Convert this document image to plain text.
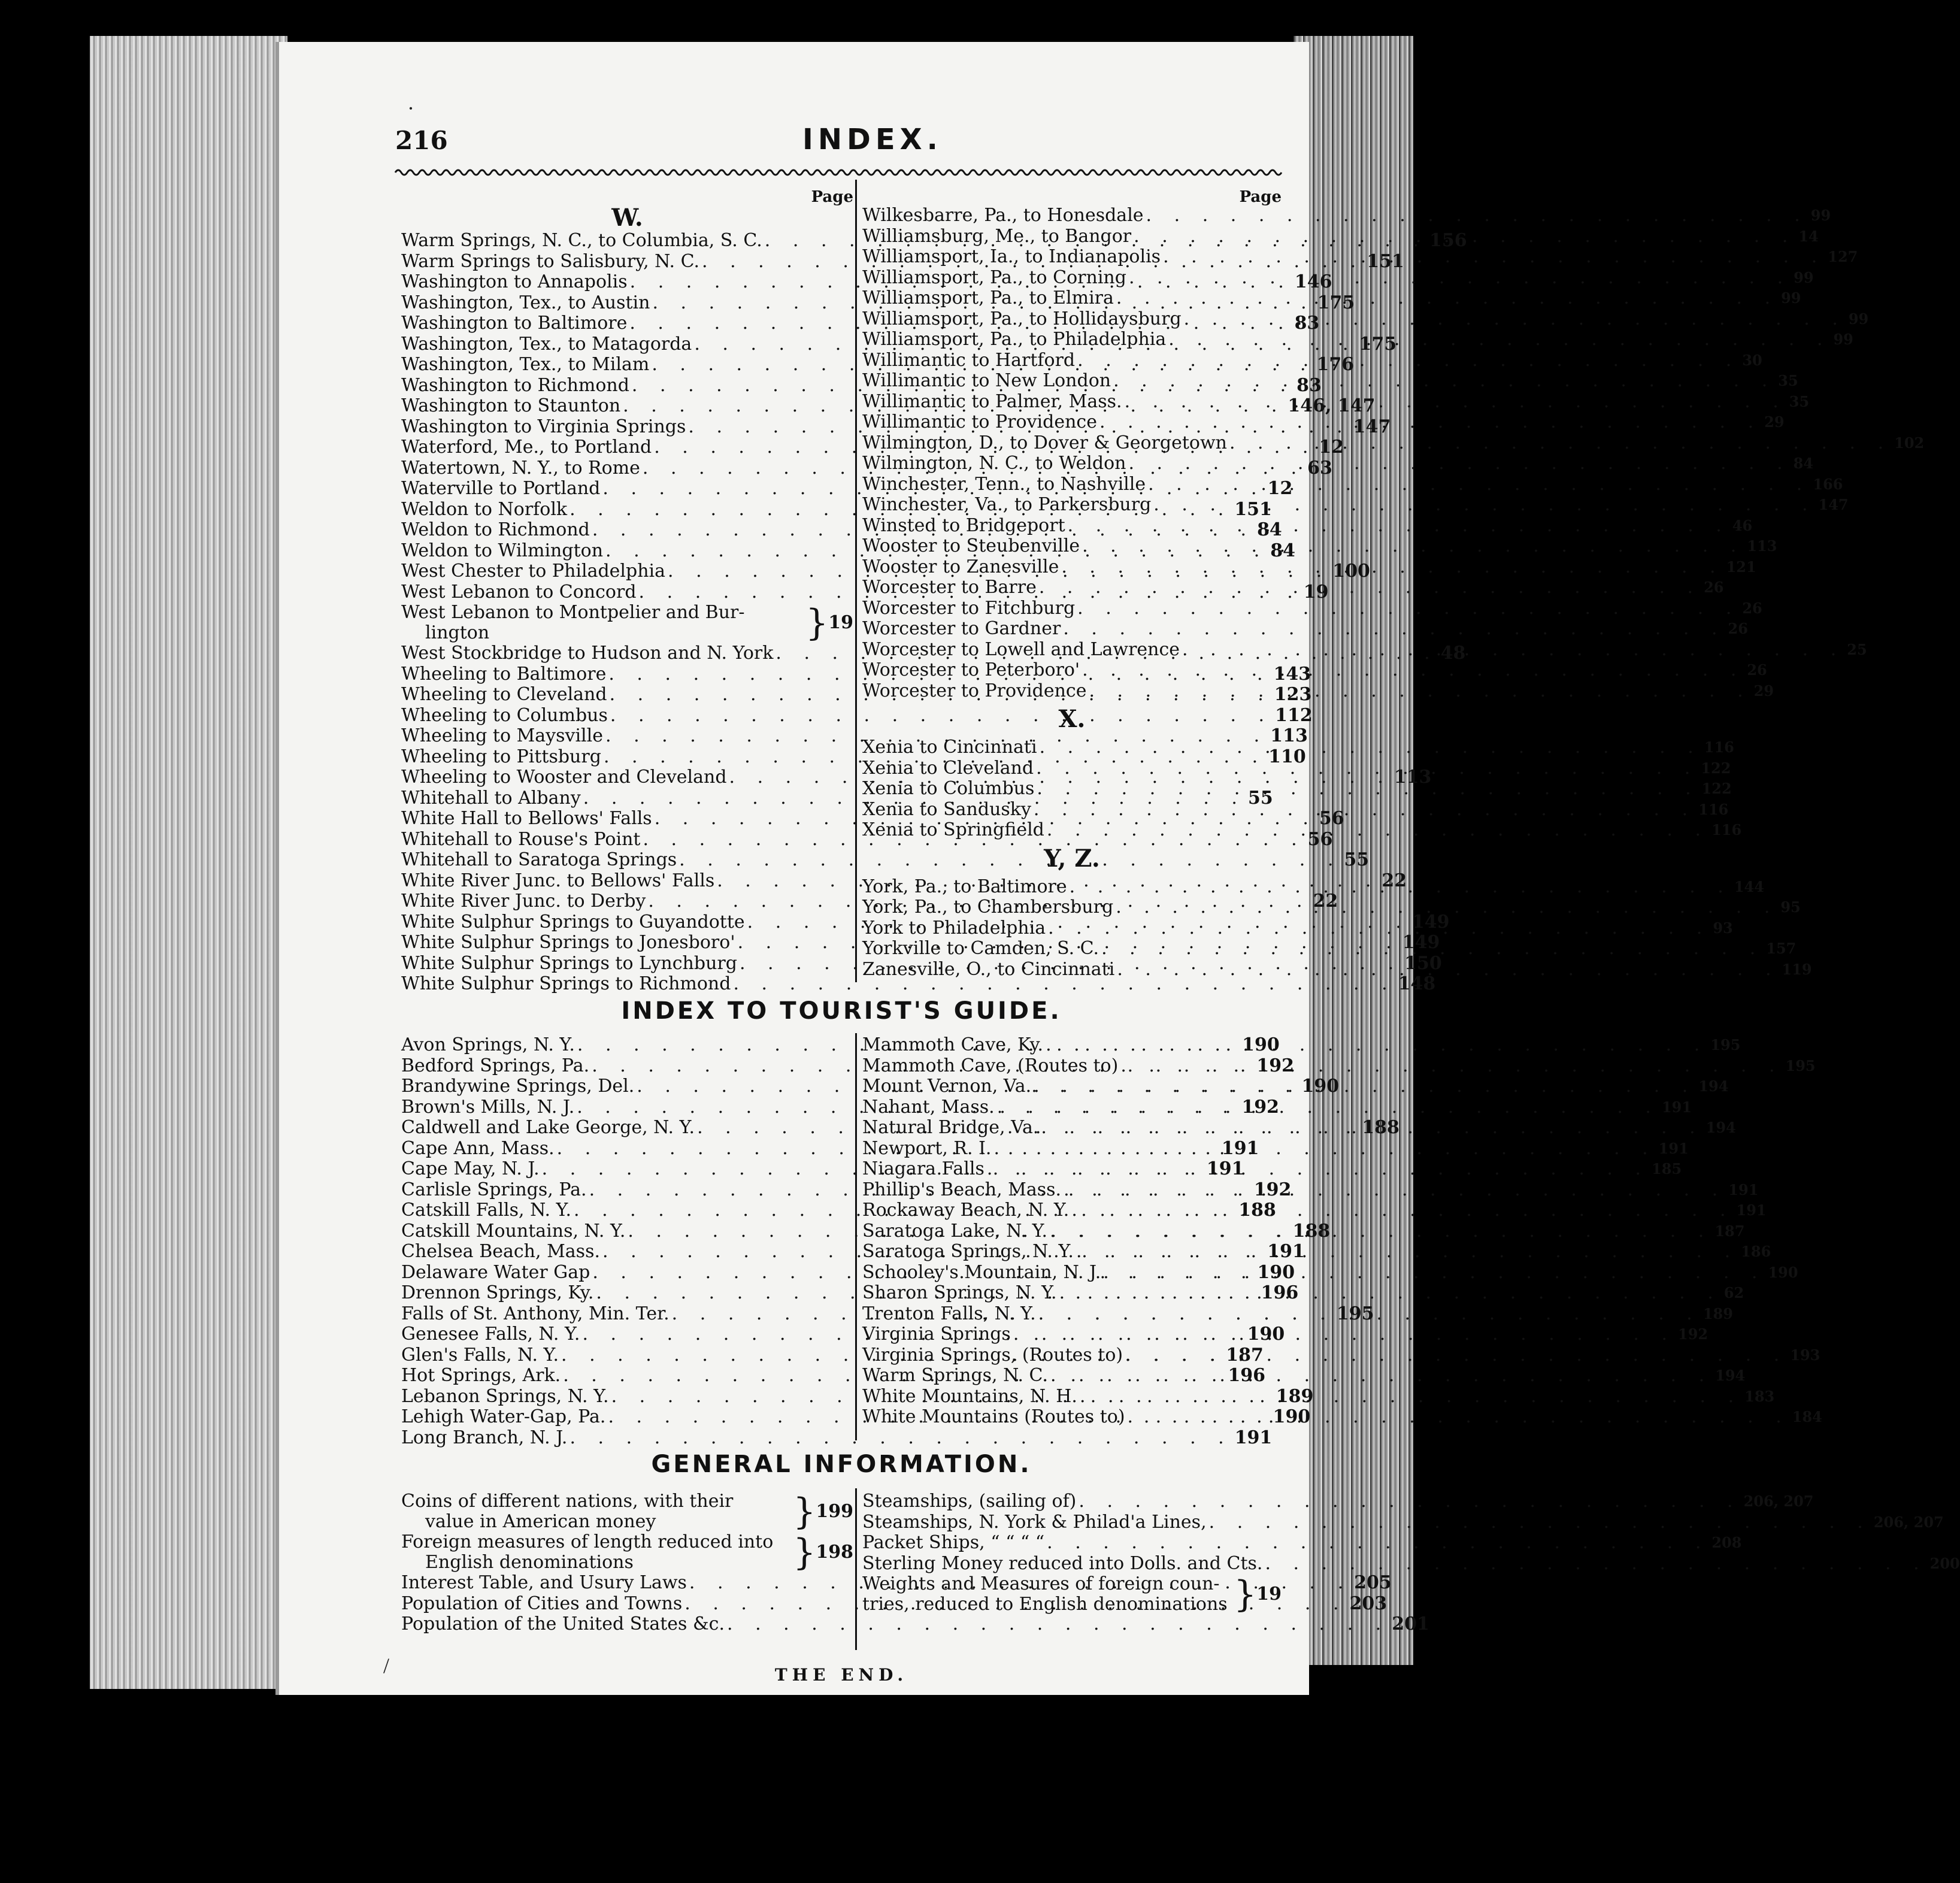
216	INDEX.
Page
W.
Warm Springs, N. C., to Columbia, S. C. . .	156
Warm Springs to Salisbury, N. C. . .	151
Washington to Annapolis . .	146
Washington, Tex., to Austin . .	175
Washington to Baltimore . .	83
Washington, Tex., to Matagorda . .	175
Washington, Tex., to Milam . .	176
Washington to Richmond . .	83
Washington to Staunton . .	146, 147
Washington to Virginia Springs . .	147
Waterford, Me., to Portland . .	12
Watertown, N. Y., to Rome . .	63
Waterville to Portland . .	12
Weldon to Norfolk . .	151
Weldon to Richmond . .	84
Weldon to Wilmington . .	84
West Chester to Philadelphia . .	100
West Lebanon to Concord . .	19
West Lebanon to Montpelier and Bur-
lington	} 19
West Stockbridge to Hudson and N. York . .	48
Wheeling to Baltimore . .	143
Wheeling to Cleveland . .	123
Wheeling to Columbus . .	112
Wheeling to Maysville . .	113
Wheeling to Pittsburg . .	110
Wheeling to Wooster and Cleveland . .	113
Whitehall to Albany . .	55
White Hall to Bellows' Falls . .	56
Whitehall to Rouse's Point . .	56
Whitehall to Saratoga Springs . .	55
White River Junc. to Bellows' Falls . .	22
White River Junc. to Derby . .	22
White Sulphur Springs to Guyandotte . .	149
White Sulphur Springs to Jonesboro' . .	149
White Sulphur Springs to Lynchburg . .	150
White Sulphur Springs to Richmond . .	148
Page
Wilkesbarre, Pa., to Honesdale . .	99
Williamsburg, Me., to Bangor . .	14
Williamsport, Ia., to Indianapolis . .	127
Williamsport, Pa., to Corning . .	99
Williamsport, Pa., to Elmira . .	99
Williamsport, Pa., to Hollidaysburg . .	99
Williamsport, Pa., to Philadelphia . .	99
Willimantic to Hartford . .	30
Willimantic to New London . .	35
Willimantic to Palmer, Mass. . .	35
Willimantic to Providence . .	29
Wilmington, D., to Dover & Georgetown . .	102
Wilmington, N. C., to Weldon . .	84
Winchester, Tenn., to Nashville . .	166
Winchester, Va., to Parkersburg . .	147
Winsted to Bridgeport . .	46
Wooster to Steubenville . .	113
Wooster to Zanesville . .	121
Worcester to Barre . .	26
Worcester to Fitchburg . .	26
Worcester to Gardner . .	26
Worcester to Lowell and Lawrence . .	25
Worcester to Peterboro' . .	26
Worcester to Providence . .	29
X.
Xenia to Cincinnati . .	116
Xenia to Cleveland . .	122
Xenia to Columbus . .	122
Xenia to Sandusky . .	116
Xenia to Springfield . .	116
Y, Z.
York, Pa., to Baltimore . .	144
York, Pa., to Chambersburg . .	95
York to Philadelphia . .	93
Yorkville to Camden, S. C. . .	157
Zanesville, O., to Cincinnati . .	119
INDEX TO TOURIST'S GUIDE.
Avon Springs, N. Y. . .	190
Bedford Springs, Pa. . .	192
Brandywine Springs, Del. . .	190
Brown's Mills, N. J. . .	192
Caldwell and Lake George, N. Y. . .	188
Cape Ann, Mass. . .	191
Cape May, N. J. . .	191
Carlisle Springs, Pa. . .	192
Catskill Falls, N. Y. . .	188
Catskill Mountains, N. Y. . .	188
Chelsea Beach, Mass. . .	191
Delaware Water Gap . .	190
Drennon Springs, Ky. . .	196
Falls of St. Anthony, Min. Ter. . .	195
Genesee Falls, N. Y. . .	190
Glen's Falls, N. Y. . .	187
Hot Springs, Ark. . .	196
Lebanon Springs, N. Y. . .	189
Lehigh Water-Gap, Pa. . .	190
Long Branch, N. J. . .	191
Mammoth Cave, Ky. . .	195
Mammoth Cave, (Routes to) . .	195
Mount Vernon, Va. . .	194
Nahant, Mass. . .	191
Natural Bridge, Va. . .	194
Newport, R. I. . .	191
Niagara Falls . .	185
Phillip's Beach, Mass. . .	191
Rockaway Beach, N. Y. . .	191
Saratoga Lake, N. Y. . .	187
Saratoga Springs, N. Y. . .	186
Schooley's Mountain, N. J. . .	190
Sharon Springs, N. Y. . .	62
Trenton Falls, N. Y. . .	189
Virginia Springs . .	192
Virginia Springs, (Routes to) . .	193
Warm Springs, N. C. . .	194
White Mountains, N. H. . .	183
White Mountains (Routes to) . .	184
GENERAL INFORMATION.
Coins of different nations, with their
value in American money	} 199
Foreign measures of length reduced into
English denominations	} 198
Interest Table, and Usury Laws . .	205
Population of Cities and Towns . .	203
Population of the United States &c. . .	201
Steamships, (sailing of) . .	206, 207
Steamships, N. York & Philad'a Lines, . .	206, 207
Packet Ships, “ “ “ “ . .	208
Sterling Money reduced into Dolls. and Cts. . .	200
Weights and Measures of foreign coun-
tries, reduced to English denominations } 19
THE END.
·
/
